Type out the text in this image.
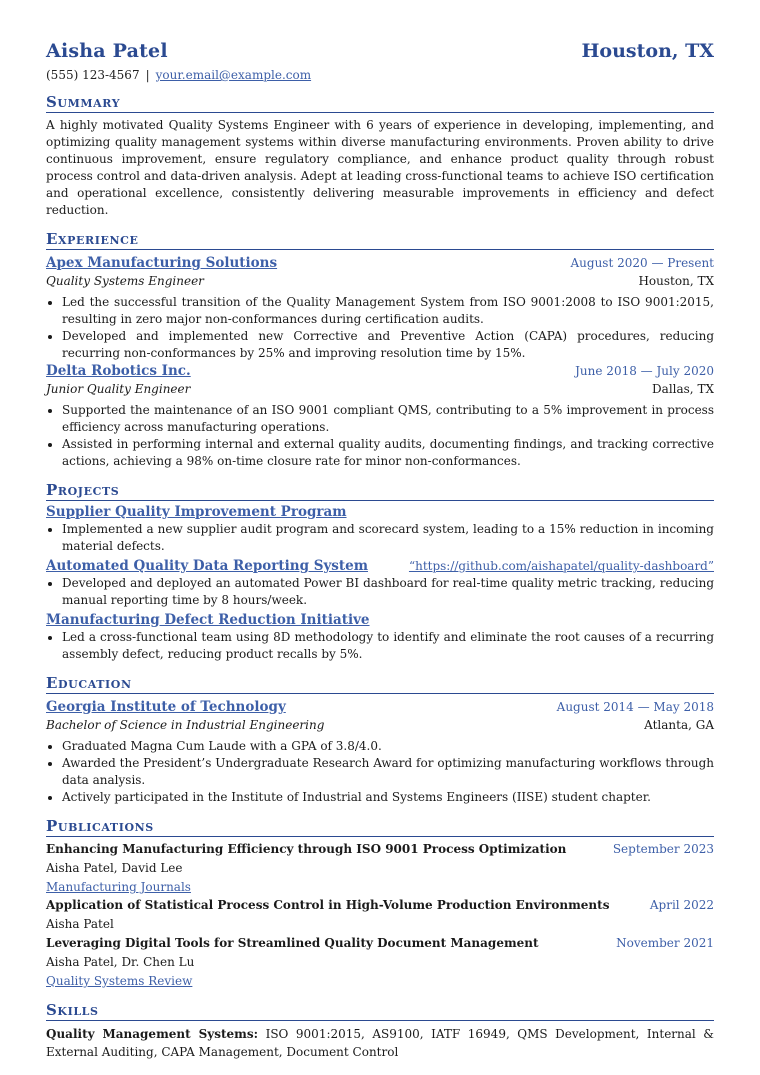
Aisha Patel	Houston, TX
(555) 123-4567 | your.email@example.com
Summary

A highly motivated Quality Systems Engineer with 6 years of experience in developing, implementing, and optimizing quality management systems within diverse manufacturing environments. Proven ability to drive continuous improvement, ensure regulatory compliance, and enhance product quality through robust process control and data-driven analysis. Adept at leading cross-functional teams to achieve ISO certification and operational excellence, consistently delivering measurable improvements in efficiency and defect reduction.

Experience
Apex Manufacturing Solutions	August 2020 — Present
Quality Systems Engineer	Houston, TX
• Led the successful transition of the Quality Management System from ISO 9001:2008 to ISO 9001:2015, resulting in zero major non-conformances during certification audits.
• Developed and implemented new Corrective and Preventive Action (CAPA) procedures, reducing recurring non-conformances by 25% and improving resolution time by 15%.
Delta Robotics Inc.	June 2018 — July 2020
Junior Quality Engineer	Dallas, TX
• Supported the maintenance of an ISO 9001 compliant QMS, contributing to a 5% improvement in process efficiency across manufacturing operations.
• Assisted in performing internal and external quality audits, documenting findings, and tracking corrective actions, achieving a 98% on-time closure rate for minor non-conformances.
Projects
Supplier Quality Improvement Program
• Implemented a new supplier audit program and scorecard system, leading to a 15% reduction in incoming material defects.
Automated Quality Data Reporting System	“https://github.com/aishapatel/quality-dashboard”
• Developed and deployed an automated Power BI dashboard for real-time quality metric tracking, reducing manual reporting time by 8 hours/week.
Manufacturing Defect Reduction Initiative
• Led a cross-functional team using 8D methodology to identify and eliminate the root causes of a recurring assembly defect, reducing product recalls by 5%.
Education
Georgia Institute of Technology	August 2014 — May 2018
Bachelor of Science in Industrial Engineering	Atlanta, GA
• Graduated Magna Cum Laude with a GPA of 3.8/4.0.
• Awarded the President’s Undergraduate Research Award for optimizing manufacturing workflows through data analysis.
• Actively participated in the Institute of Industrial and Systems Engineers (IISE) student chapter.
Publications
Enhancing Manufacturing Efficiency through ISO 9001 Process Optimization	September 2023
Aisha Patel, David Lee
Manufacturing Journals
Application of Statistical Process Control in High-Volume Production Environments	April 2022
Aisha Patel
Leveraging Digital Tools for Streamlined Quality Document Management	November 2021
Aisha Patel, Dr. Chen Lu
Quality Systems Review
Skills
Quality Management Systems: ISO 9001:2015, AS9100, IATF 16949, QMS Development, Internal & External Auditing, CAPA Management, Document Control
